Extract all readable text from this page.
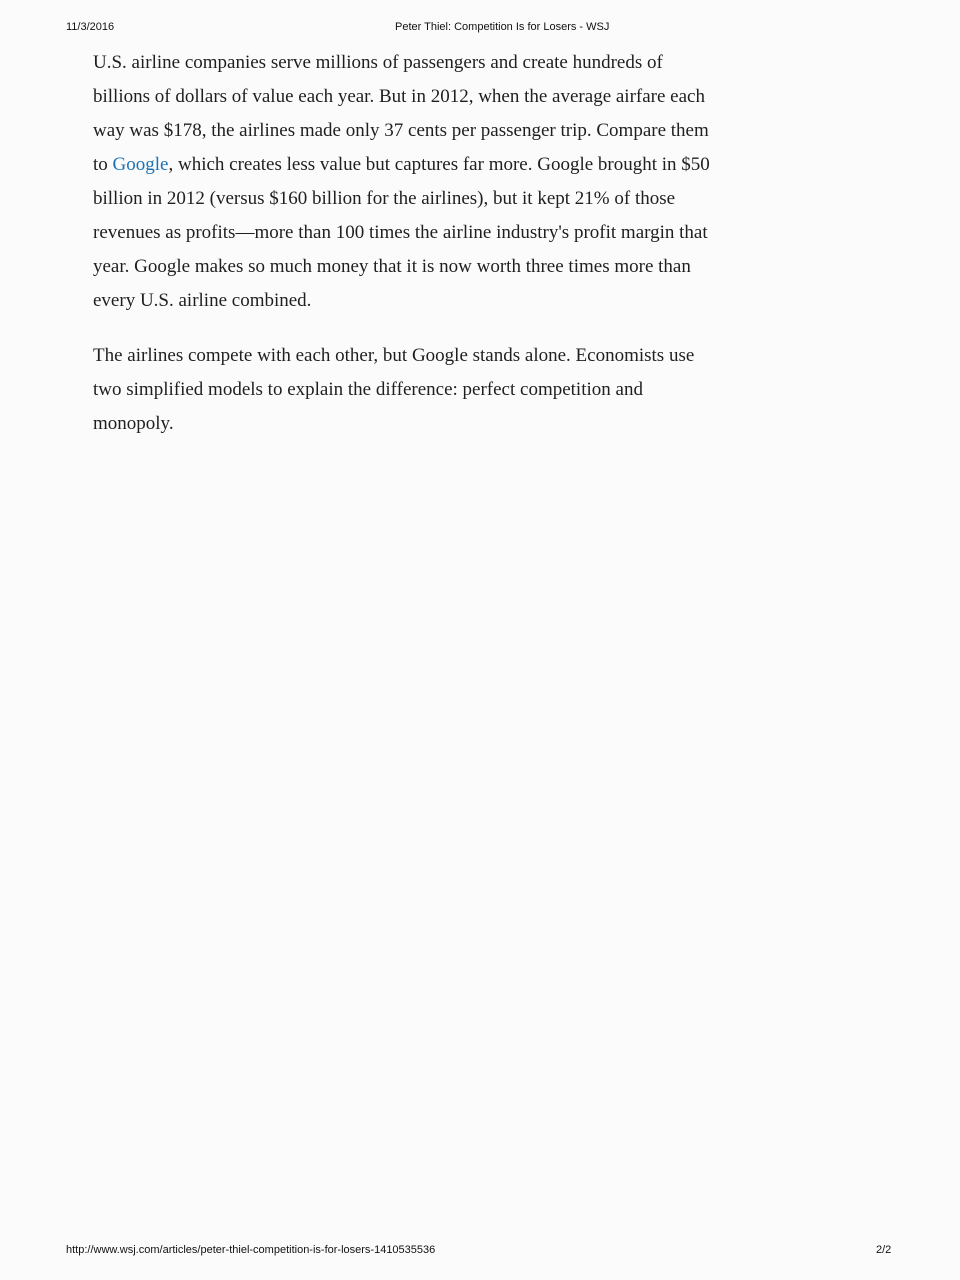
11/3/2016	Peter Thiel: Competition Is for Losers - WSJ

U.S. airline companies serve millions of passengers and create hundreds of billions of dollars of value each year. But in 2012, when the average airfare each way was $178, the airlines made only 37 cents per passenger trip. Compare them to Google, which creates less value but captures far more. Google brought in $50 billion in 2012 (versus $160 billion for the airlines), but it kept 21% of those revenues as profits—more than 100 times the airline industry's profit margin that year. Google makes so much money that it is now worth three times more than every U.S. airline combined.

The airlines compete with each other, but Google stands alone. Economists use two simplified models to explain the difference: perfect competition and monopoly.

http://www.wsj.com/articles/peter-thiel-competition-is-for-losers-1410535536	2/2
